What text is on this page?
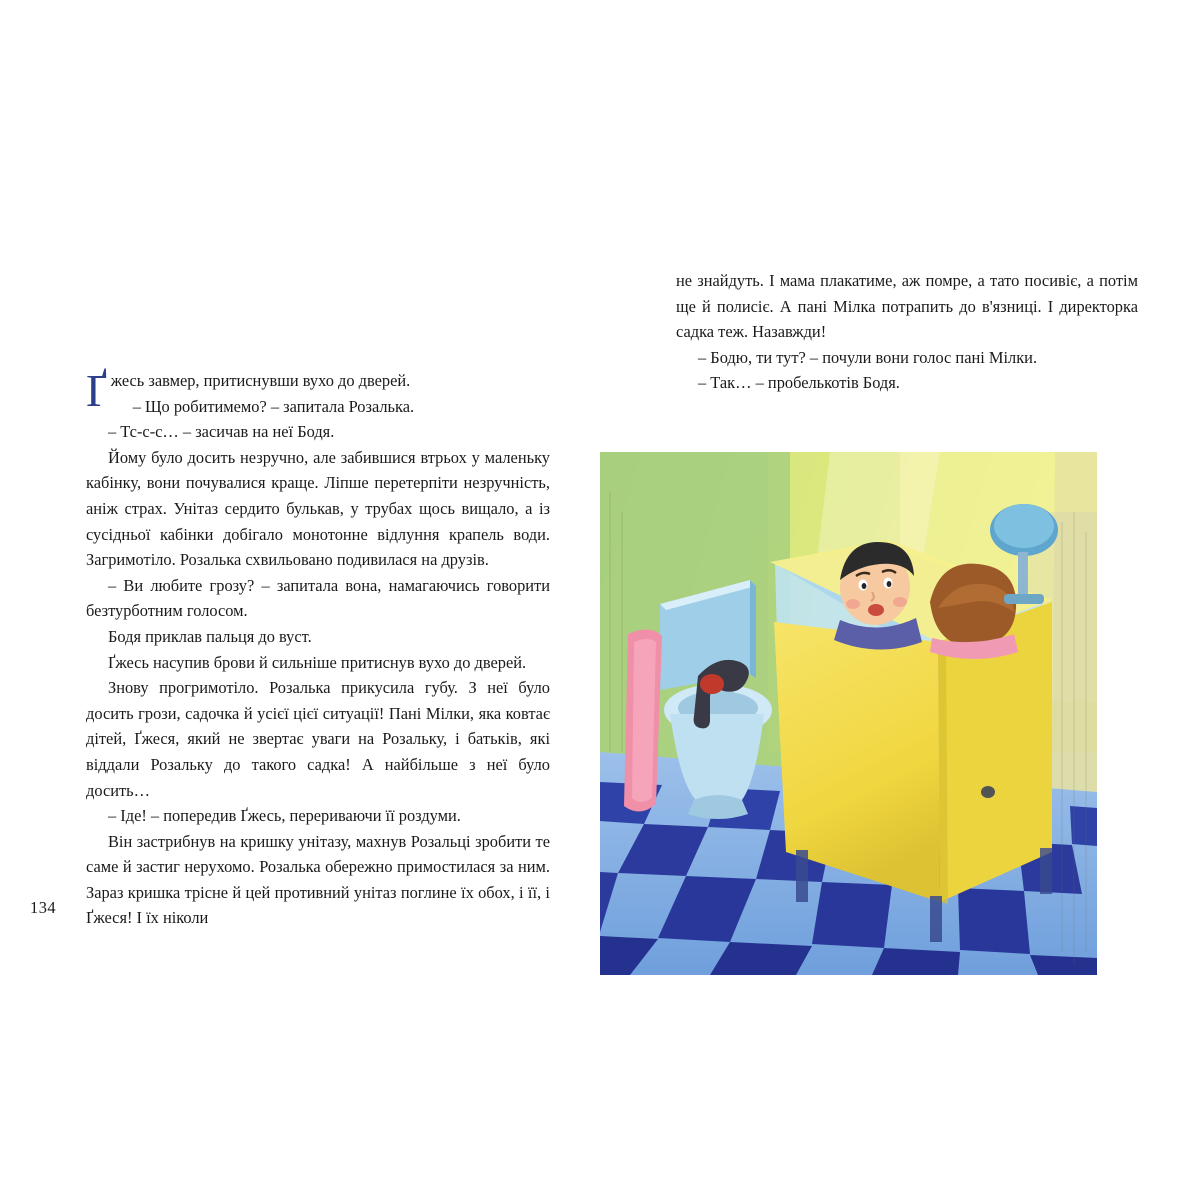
134

Ґжесь завмер, притиснувши вухо до дверей.

– Що робитимемо? – запитала Розалька.

– Тс-с-с… – засичав на неї Бодя.

Йому було досить незручно, але забившися втрьох у маленьку кабінку, вони почувалися краще. Ліпше перетерпіти незручність, аніж страх. Унітаз сердито булькав, у трубах щось вищало, а із сусідньої кабінки добігало монотонне відлуння крапель води. Загримотіло. Розалька схвильовано подивилася на друзів.

– Ви любите грозу? – запитала вона, намагаючись говорити безтурботним голосом.

Бодя приклав пальця до вуст.

Ґжесь насупив брови й сильніше притиснув вухо до дверей.

Знову прогримотіло. Розалька прикусила губу. З неї було досить грози, садочка й усієї цієї ситуації! Пані Мілки, яка ковтає дітей, Ґжеся, який не звертає уваги на Розальку, і батьків, які віддали Розальку до такого садка! А найбільше з неї було досить…

– Іде! – попередив Ґжесь, перериваючи її роздуми.

Він застрибнув на кришку унітазу, махнув Розальці зробити те саме й застиг нерухомо. Розалька обережно примостилася за ним. Зараз кришка трісне й цей противний унітаз поглине їх обох, і її, і Ґжеся! І їх ніколи

не знайдуть. І мама плакатиме, аж помре, а тато посивіє, а потім ще й полисіє. А пані Мілка потрапить до в'язниці. І директорка садка теж. Назавжди!

– Бодю, ти тут? – почули вони голос пані Мілки.

– Так… – пробелькотів Бодя.
